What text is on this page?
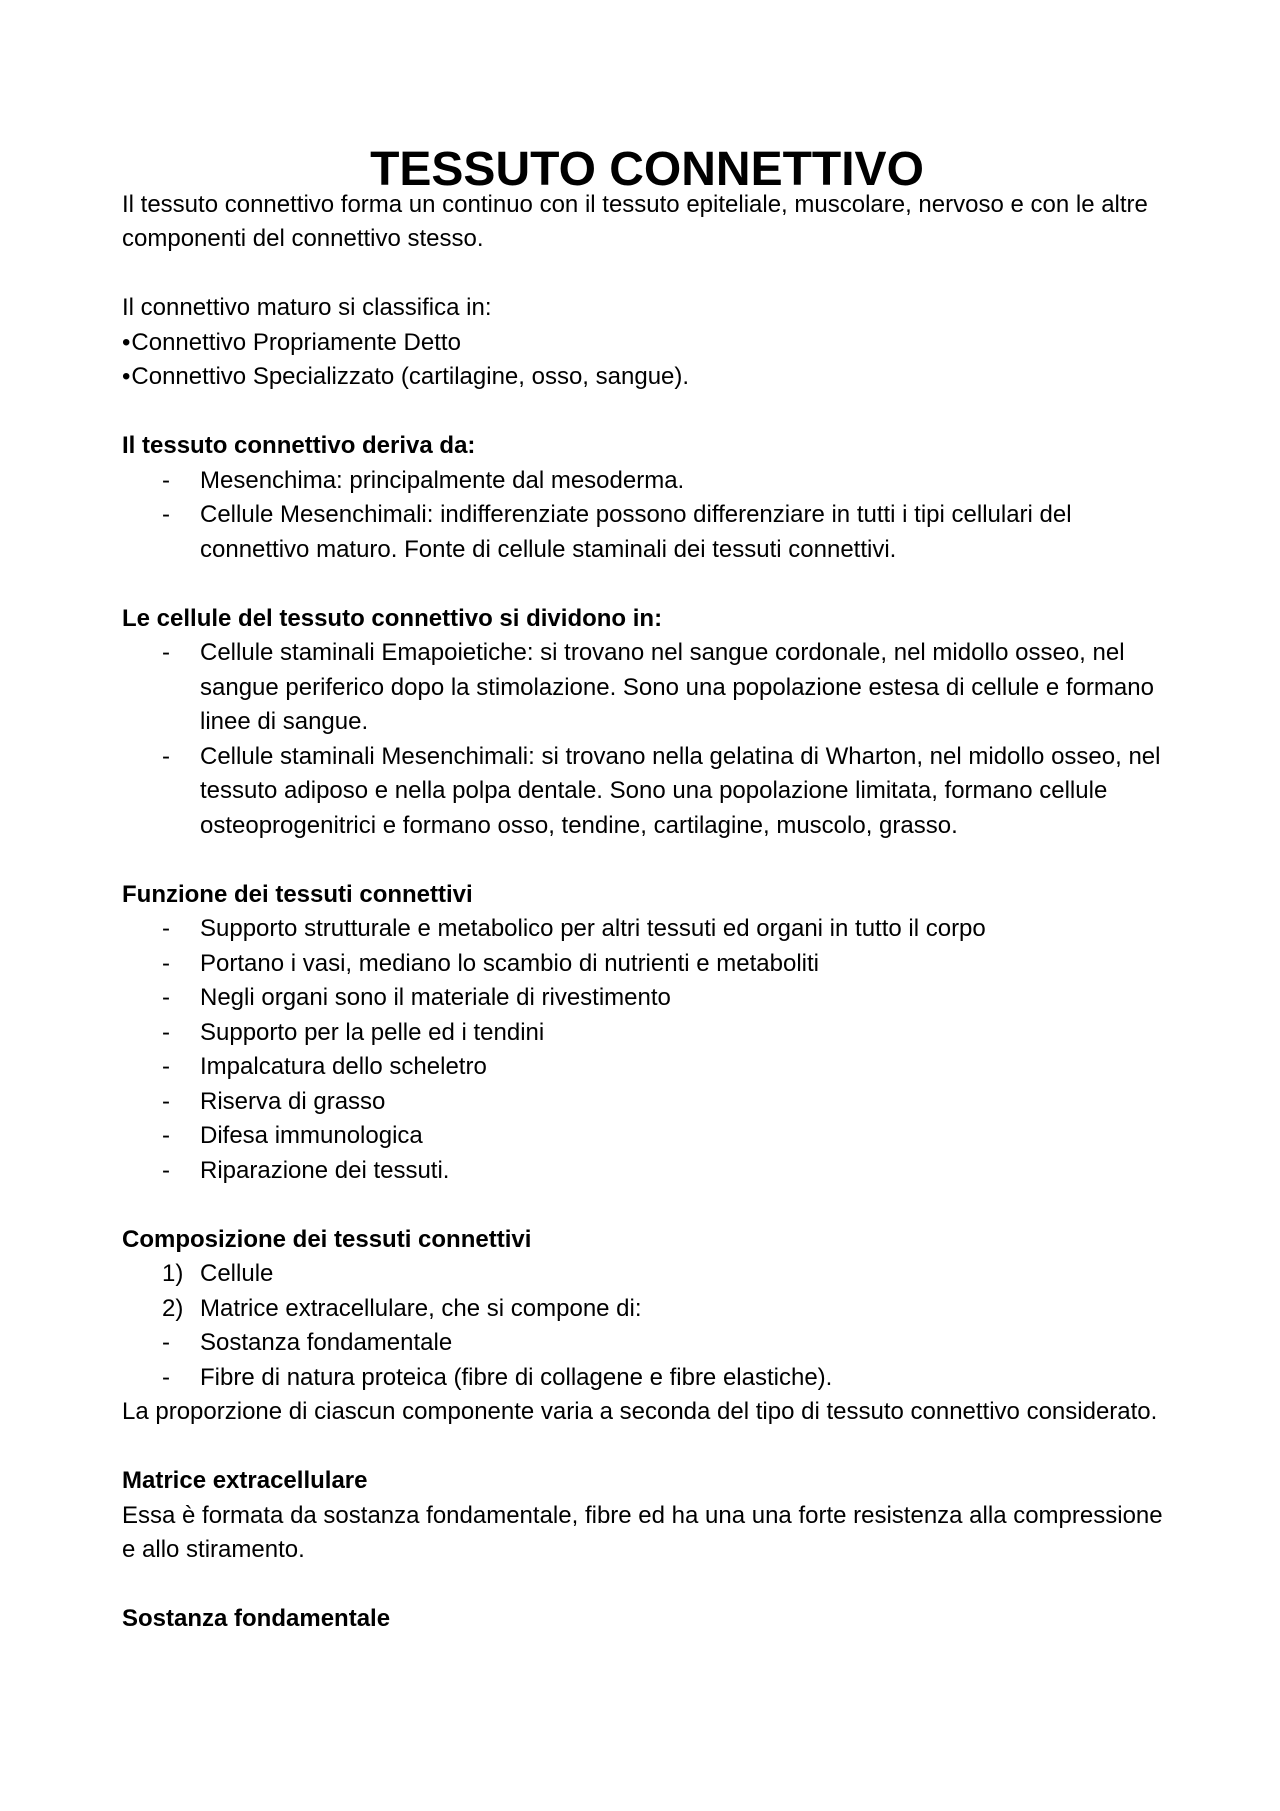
TESSUTO CONNETTIVO

Il tessuto connettivo forma un continuo con il tessuto epiteliale, muscolare, nervoso e con le altre componenti del connettivo stesso.

Il connettivo maturo si classifica in:

•Connettivo Propriamente Detto
•Connettivo Specializzato (cartilagine, osso, sangue).

Il tessuto connettivo deriva da:

- Mesenchima: principalmente dal mesoderma.
- Cellule Mesenchimali: indifferenziate possono differenziare in tutti i tipi cellulari del connettivo maturo. Fonte di cellule staminali dei tessuti connettivi.

Le cellule del tessuto connettivo si dividono in:

- Cellule staminali Emapoietiche: si trovano nel sangue cordonale, nel midollo osseo, nel sangue periferico dopo la stimolazione. Sono una popolazione estesa di cellule e formano linee di sangue.
- Cellule staminali Mesenchimali: si trovano nella gelatina di Wharton, nel midollo osseo, nel tessuto adiposo e nella polpa dentale. Sono una popolazione limitata, formano cellule osteoprogenitrici e formano osso, tendine, cartilagine, muscolo, grasso.

Funzione dei tessuti connettivi

- Supporto strutturale e metabolico per altri tessuti ed organi in tutto il corpo
- Portano i vasi, mediano lo scambio di nutrienti e metaboliti
- Negli organi sono il materiale di rivestimento
- Supporto per la pelle ed i tendini
- Impalcatura dello scheletro
- Riserva di grasso
- Difesa immunologica
- Riparazione dei tessuti.

Composizione dei tessuti connettivi

1) Cellule
2) Matrice extracellulare, che si compone di:
- Sostanza fondamentale
- Fibre di natura proteica (fibre di collagene e fibre elastiche).

La proporzione di ciascun componente varia a seconda del tipo di tessuto connettivo considerato.

Matrice extracellulare

Essa è formata da sostanza fondamentale, fibre ed ha una una forte resistenza alla compressione e allo stiramento.

Sostanza fondamentale
